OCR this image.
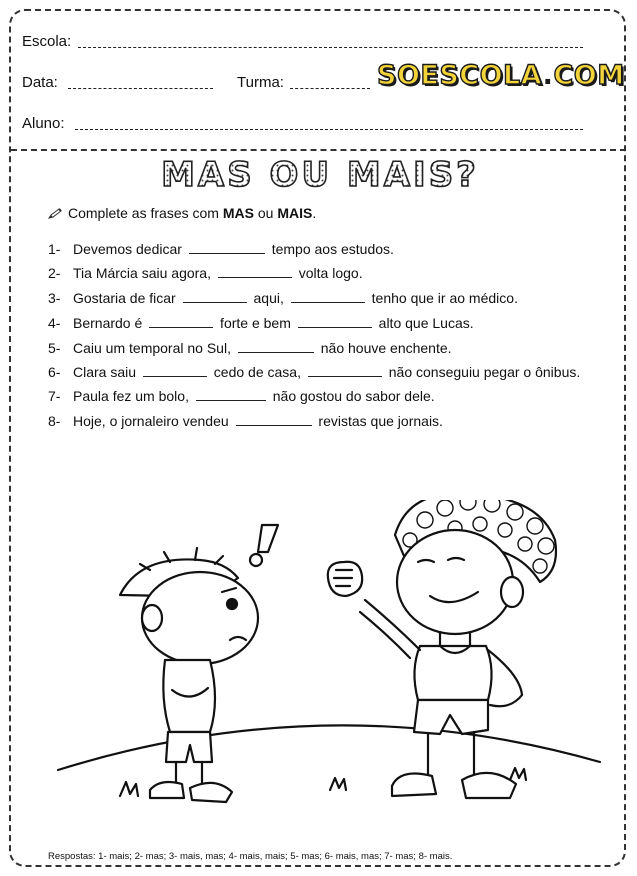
Escola:
Data:	Turma:	SOESCOLA.COM
Aluno:
MAS OU MAIS?
Complete as frases com MAS ou MAIS.
1- Devemos dedicar	tempo aos estudos.
2- Tia Márcia saiu agora,	volta logo.
3- Gostaria de ficar	aqui,	tenho que ir ao médico.
4- Bernardo é	forte e bem	alto que Lucas.
5- Caiu um temporal no Sul,	não houve enchente.
6- Clara saiu	cedo de casa,	não conseguiu pegar o ônibus.
7- Paula fez um bolo,	não gostou do sabor dele.
8- Hoje, o jornaleiro vendeu	revistas que jornais.
Respostas: 1- mais; 2- mas; 3- mais, mas; 4- mais, mais; 5- mas; 6- mais, mas; 7- mas; 8- mais.
